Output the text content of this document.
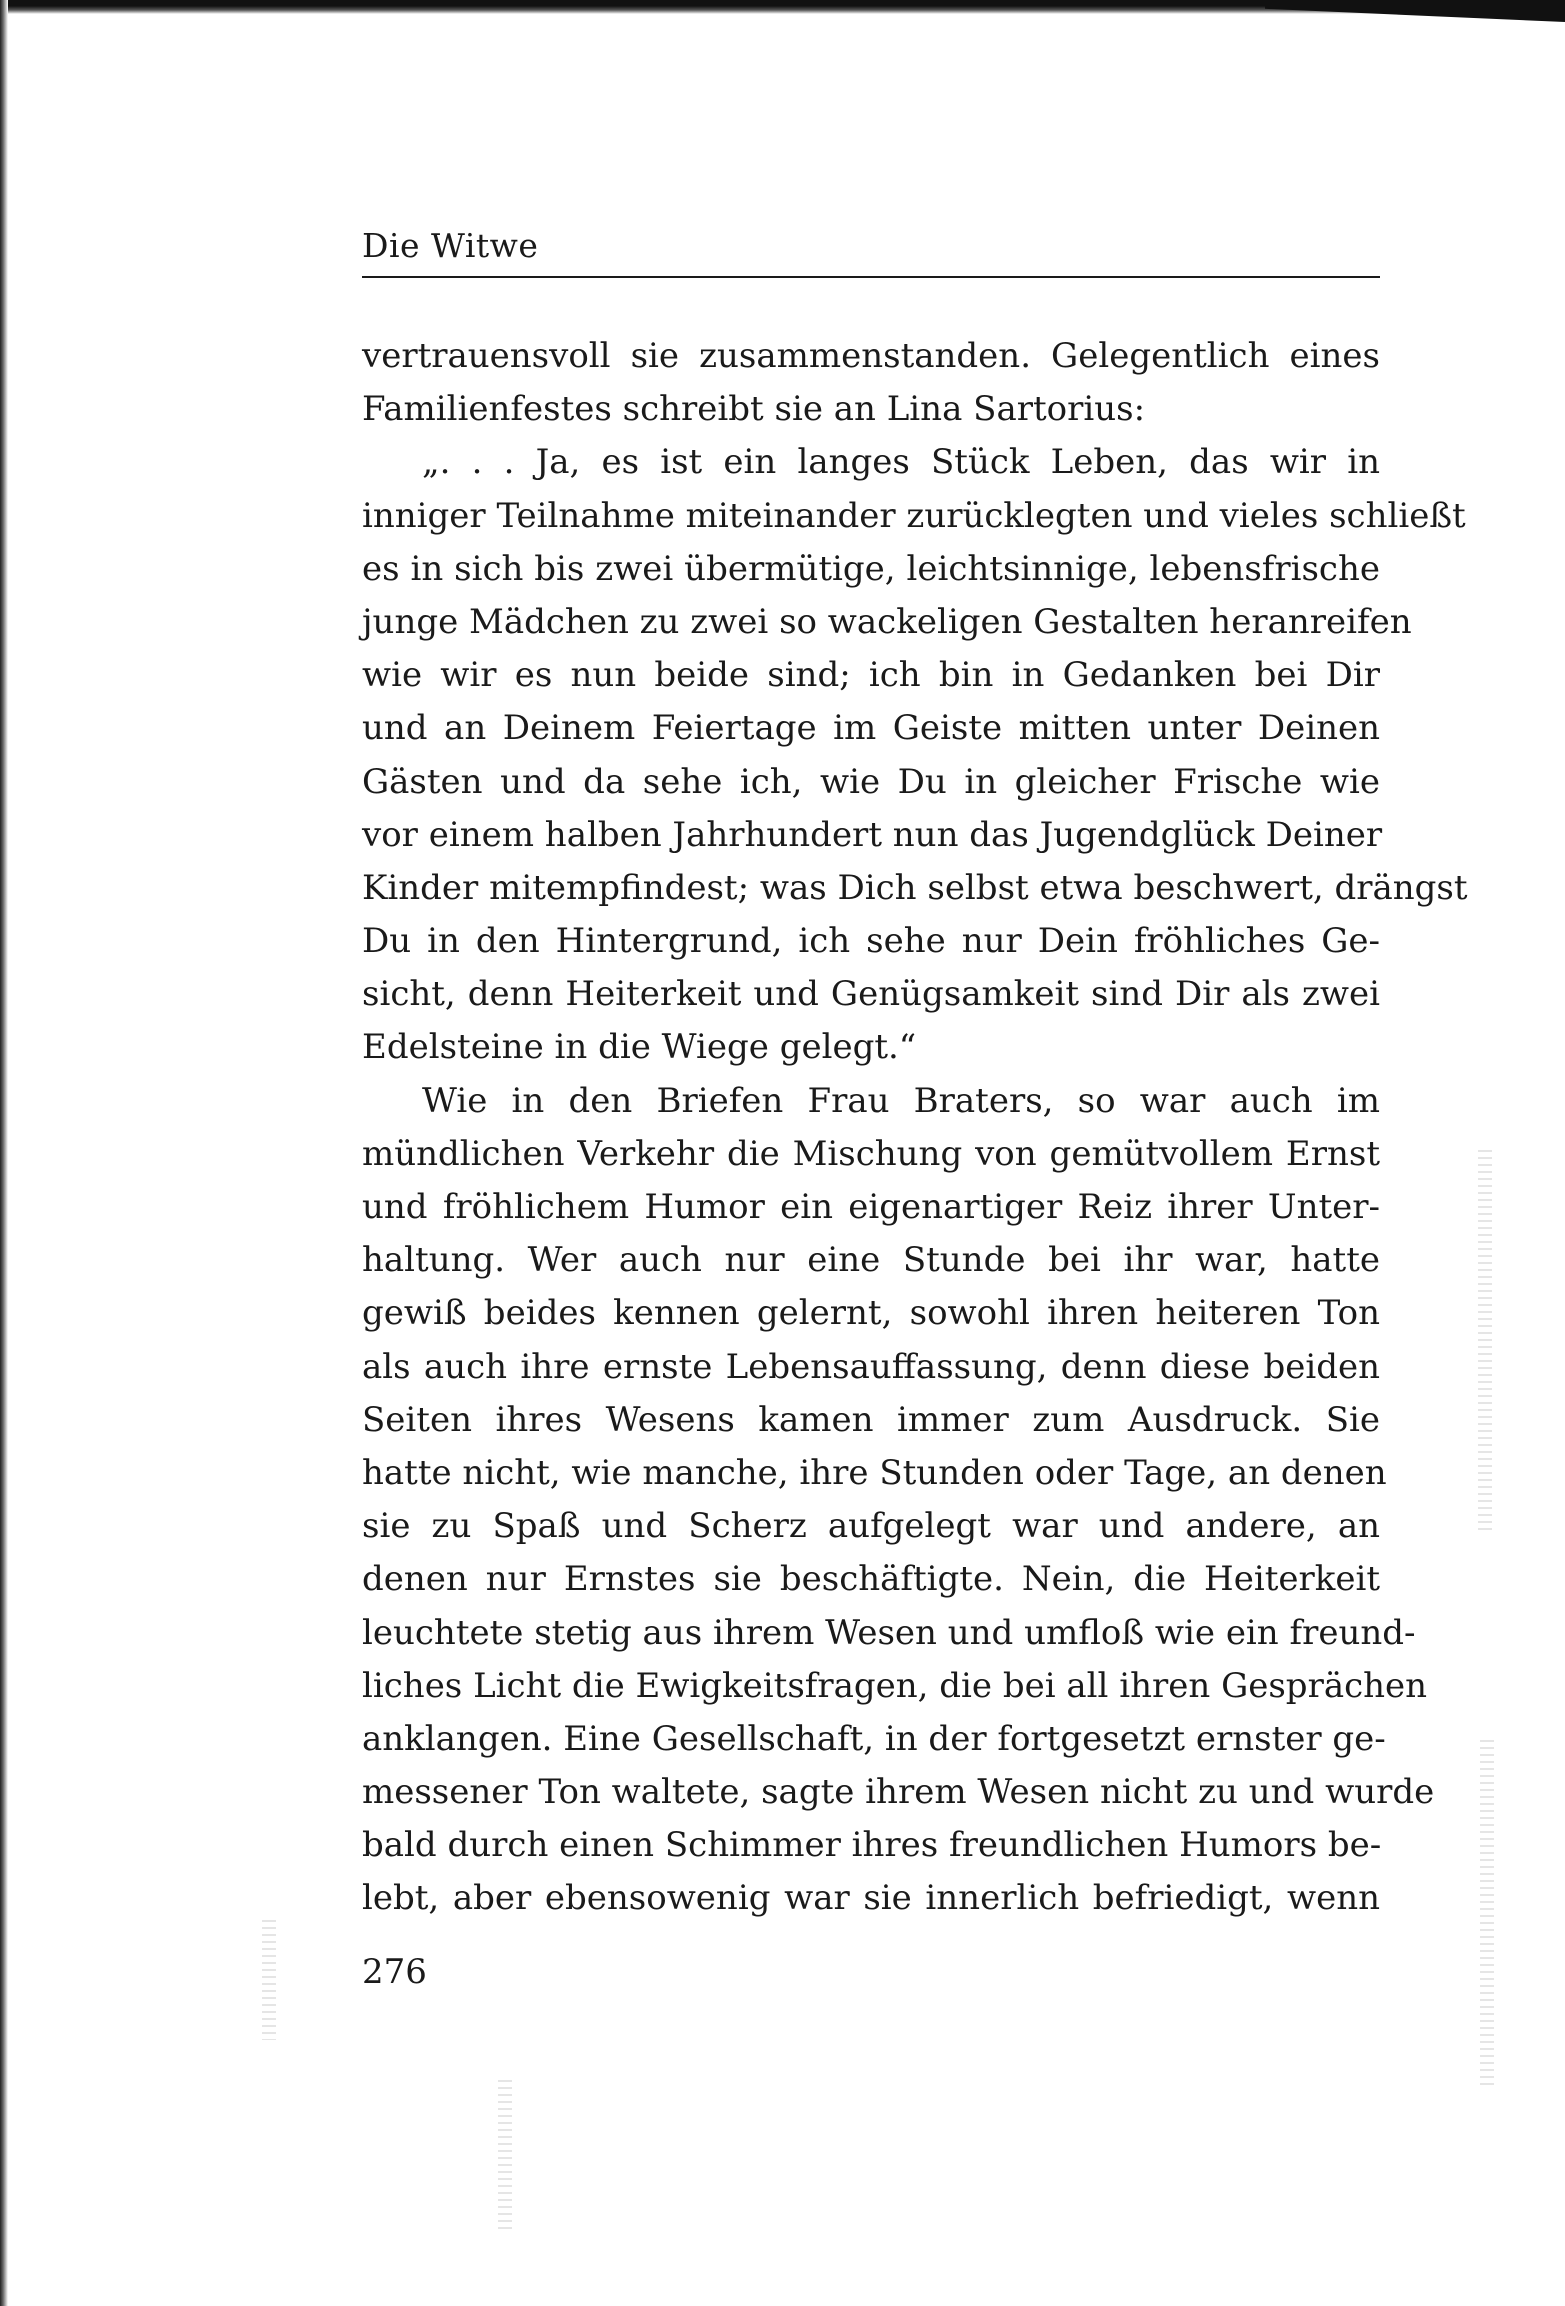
Die Witwe
vertrauensvoll sie zusammenstanden. Gelegentlich eines
Familienfestes schreibt sie an Lina Sartorius:
„. . . Ja, es ist ein langes Stück Leben, das wir in
inniger Teilnahme miteinander zurücklegten und vieles schließt
es in sich bis zwei übermütige, leichtsinnige, lebensfrische
junge Mädchen zu zwei so wackeligen Gestalten heranreifen
wie wir es nun beide sind; ich bin in Gedanken bei Dir
und an Deinem Feiertage im Geiste mitten unter Deinen
Gästen und da sehe ich, wie Du in gleicher Frische wie
vor einem halben Jahrhundert nun das Jugendglück Deiner
Kinder mitempfindest; was Dich selbst etwa beschwert, drängst
Du in den Hintergrund, ich sehe nur Dein fröhliches Ge-
sicht, denn Heiterkeit und Genügsamkeit sind Dir als zwei
Edelsteine in die Wiege gelegt.“
Wie in den Briefen Frau Braters, so war auch im
mündlichen Verkehr die Mischung von gemütvollem Ernst
und fröhlichem Humor ein eigenartiger Reiz ihrer Unter-
haltung. Wer auch nur eine Stunde bei ihr war, hatte
gewiß beides kennen gelernt, sowohl ihren heiteren Ton
als auch ihre ernste Lebensauffassung, denn diese beiden
Seiten ihres Wesens kamen immer zum Ausdruck. Sie
hatte nicht, wie manche, ihre Stunden oder Tage, an denen
sie zu Spaß und Scherz aufgelegt war und andere, an
denen nur Ernstes sie beschäftigte. Nein, die Heiterkeit
leuchtete stetig aus ihrem Wesen und umfloß wie ein freund-
liches Licht die Ewigkeitsfragen, die bei all ihren Gesprächen
anklangen. Eine Gesellschaft, in der fortgesetzt ernster ge-
messener Ton waltete, sagte ihrem Wesen nicht zu und wurde
bald durch einen Schimmer ihres freundlichen Humors be-
lebt, aber ebensowenig war sie innerlich befriedigt, wenn
276
